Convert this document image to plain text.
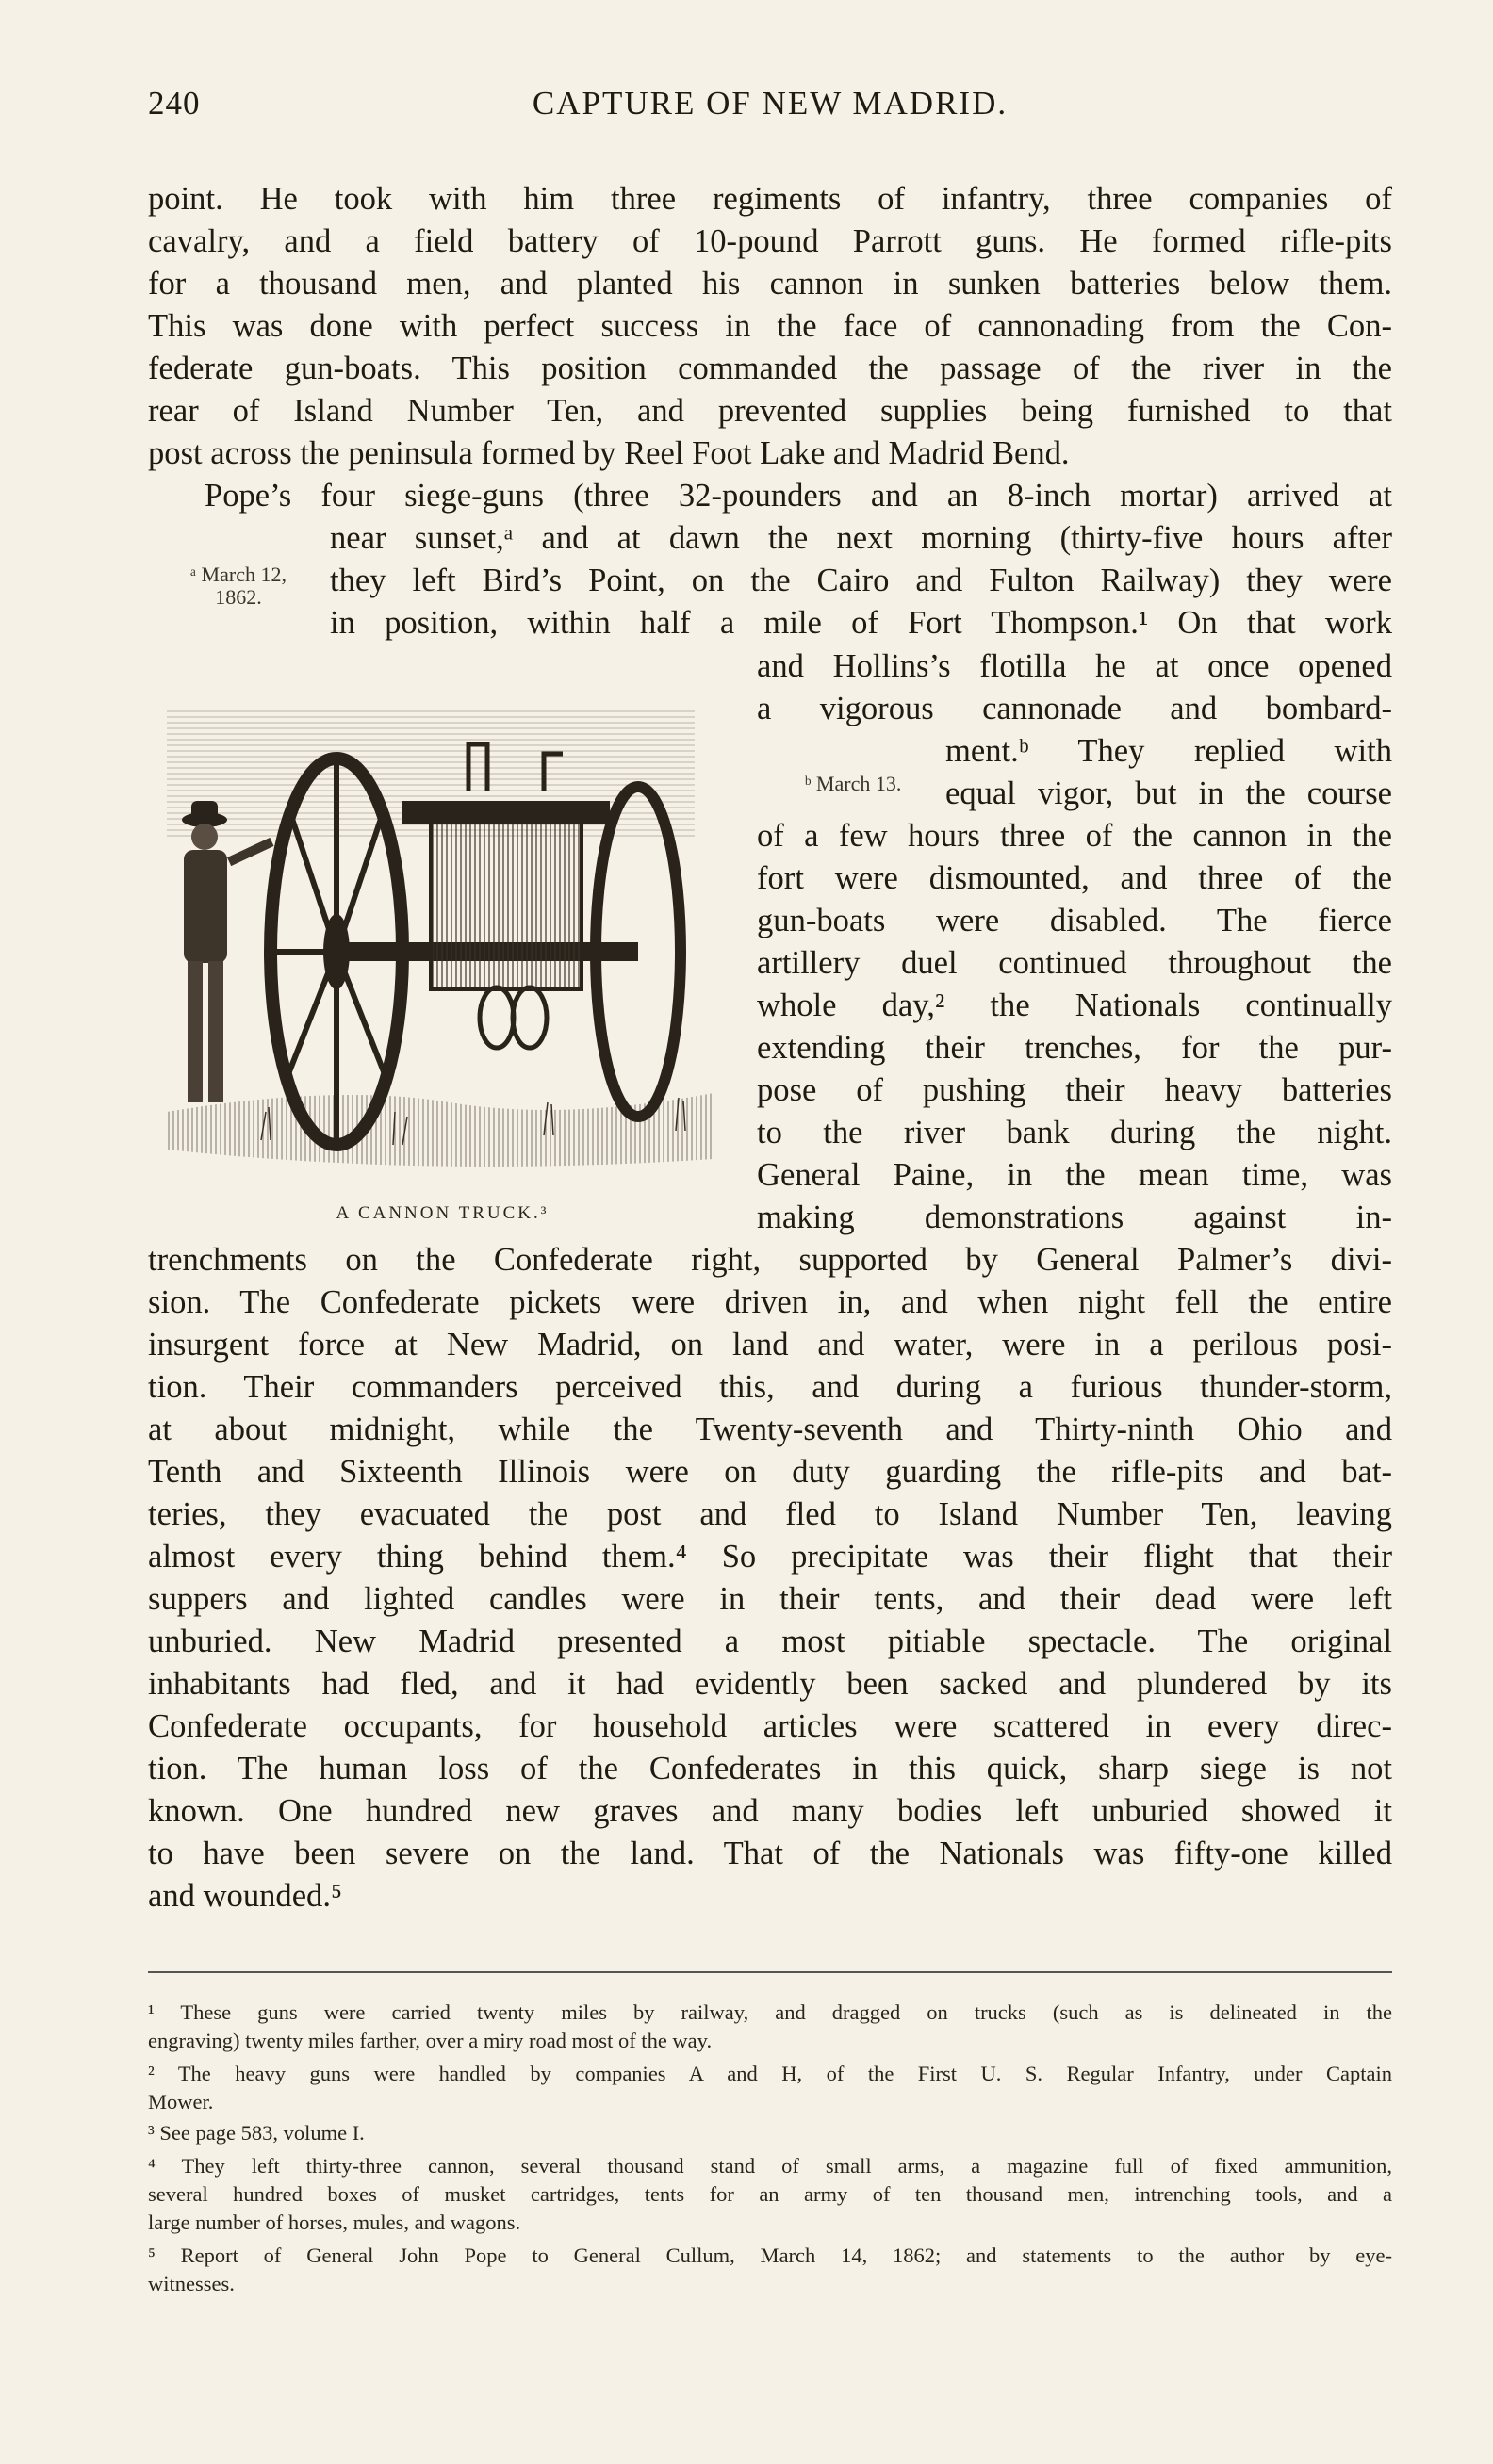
240	CAPTURE OF NEW MADRID.
point. He took with him three regiments of infantry, three companies of
cavalry, and a field battery of 10-pound Parrott guns. He formed rifle-pits
for a thousand men, and planted his cannon in sunken batteries below them.
This was done with perfect success in the face of cannonading from the Con-
federate gun-boats. This position commanded the passage of the river in the
rear of Island Number Ten, and prevented supplies being furnished to that
post across the peninsula formed by Reel Foot Lake and Madrid Bend.
Pope’s four siege-guns (three 32-pounders and an 8-inch mortar) arrived at
near sunset,ᵃ and at dawn the next morning (thirty-five hours after
they left Bird’s Point, on the Cairo and Fulton Railway) they were
in position, within half a mile of Fort Thompson.¹ On that work
ᵃ March 12,
1862.
and Hollins’s flotilla he at once opened
a vigorous cannonade and bombard-
ment.ᵇ They replied with
equal vigor, but in the course
ᵇ March 13.
of a few hours three of the cannon in the
fort were dismounted, and three of the
gun-boats were disabled. The fierce
artillery duel continued throughout the
whole day,² the Nationals continually
extending their trenches, for the pur-
pose of pushing their heavy batteries
to the river bank during the night.
General Paine, in the mean time, was
making demonstrations against in-
trenchments on the Confederate right, supported by General Palmer’s divi-
sion. The Confederate pickets were driven in, and when night fell the entire
insurgent force at New Madrid, on land and water, were in a perilous posi-
tion. Their commanders perceived this, and during a furious thunder-storm,
at about midnight, while the Twenty-seventh and Thirty-ninth Ohio and
Tenth and Sixteenth Illinois were on duty guarding the rifle-pits and bat-
teries, they evacuated the post and fled to Island Number Ten, leaving
almost every thing behind them.⁴ So precipitate was their flight that their
suppers and lighted candles were in their tents, and their dead were left
unburied. New Madrid presented a most pitiable spectacle. The original
inhabitants had fled, and it had evidently been sacked and plundered by its
Confederate occupants, for household articles were scattered in every direc-
tion. The human loss of the Confederates in this quick, sharp siege is not
known. One hundred new graves and many bodies left unburied showed it
to have been severe on the land. That of the Nationals was fifty-one killed
and wounded.⁵
A CANNON TRUCK.³
¹ These guns were carried twenty miles by railway, and dragged on trucks (such as is delineated in the
engraving) twenty miles farther, over a miry road most of the way.
² The heavy guns were handled by companies A and H, of the First U. S. Regular Infantry, under Captain
Mower.
³ See page 583, volume I.
⁴ They left thirty-three cannon, several thousand stand of small arms, a magazine full of fixed ammunition,
several hundred boxes of musket cartridges, tents for an army of ten thousand men, intrenching tools, and a
large number of horses, mules, and wagons.
⁵ Report of General John Pope to General Cullum, March 14, 1862; and statements to the author by eye-
witnesses.
